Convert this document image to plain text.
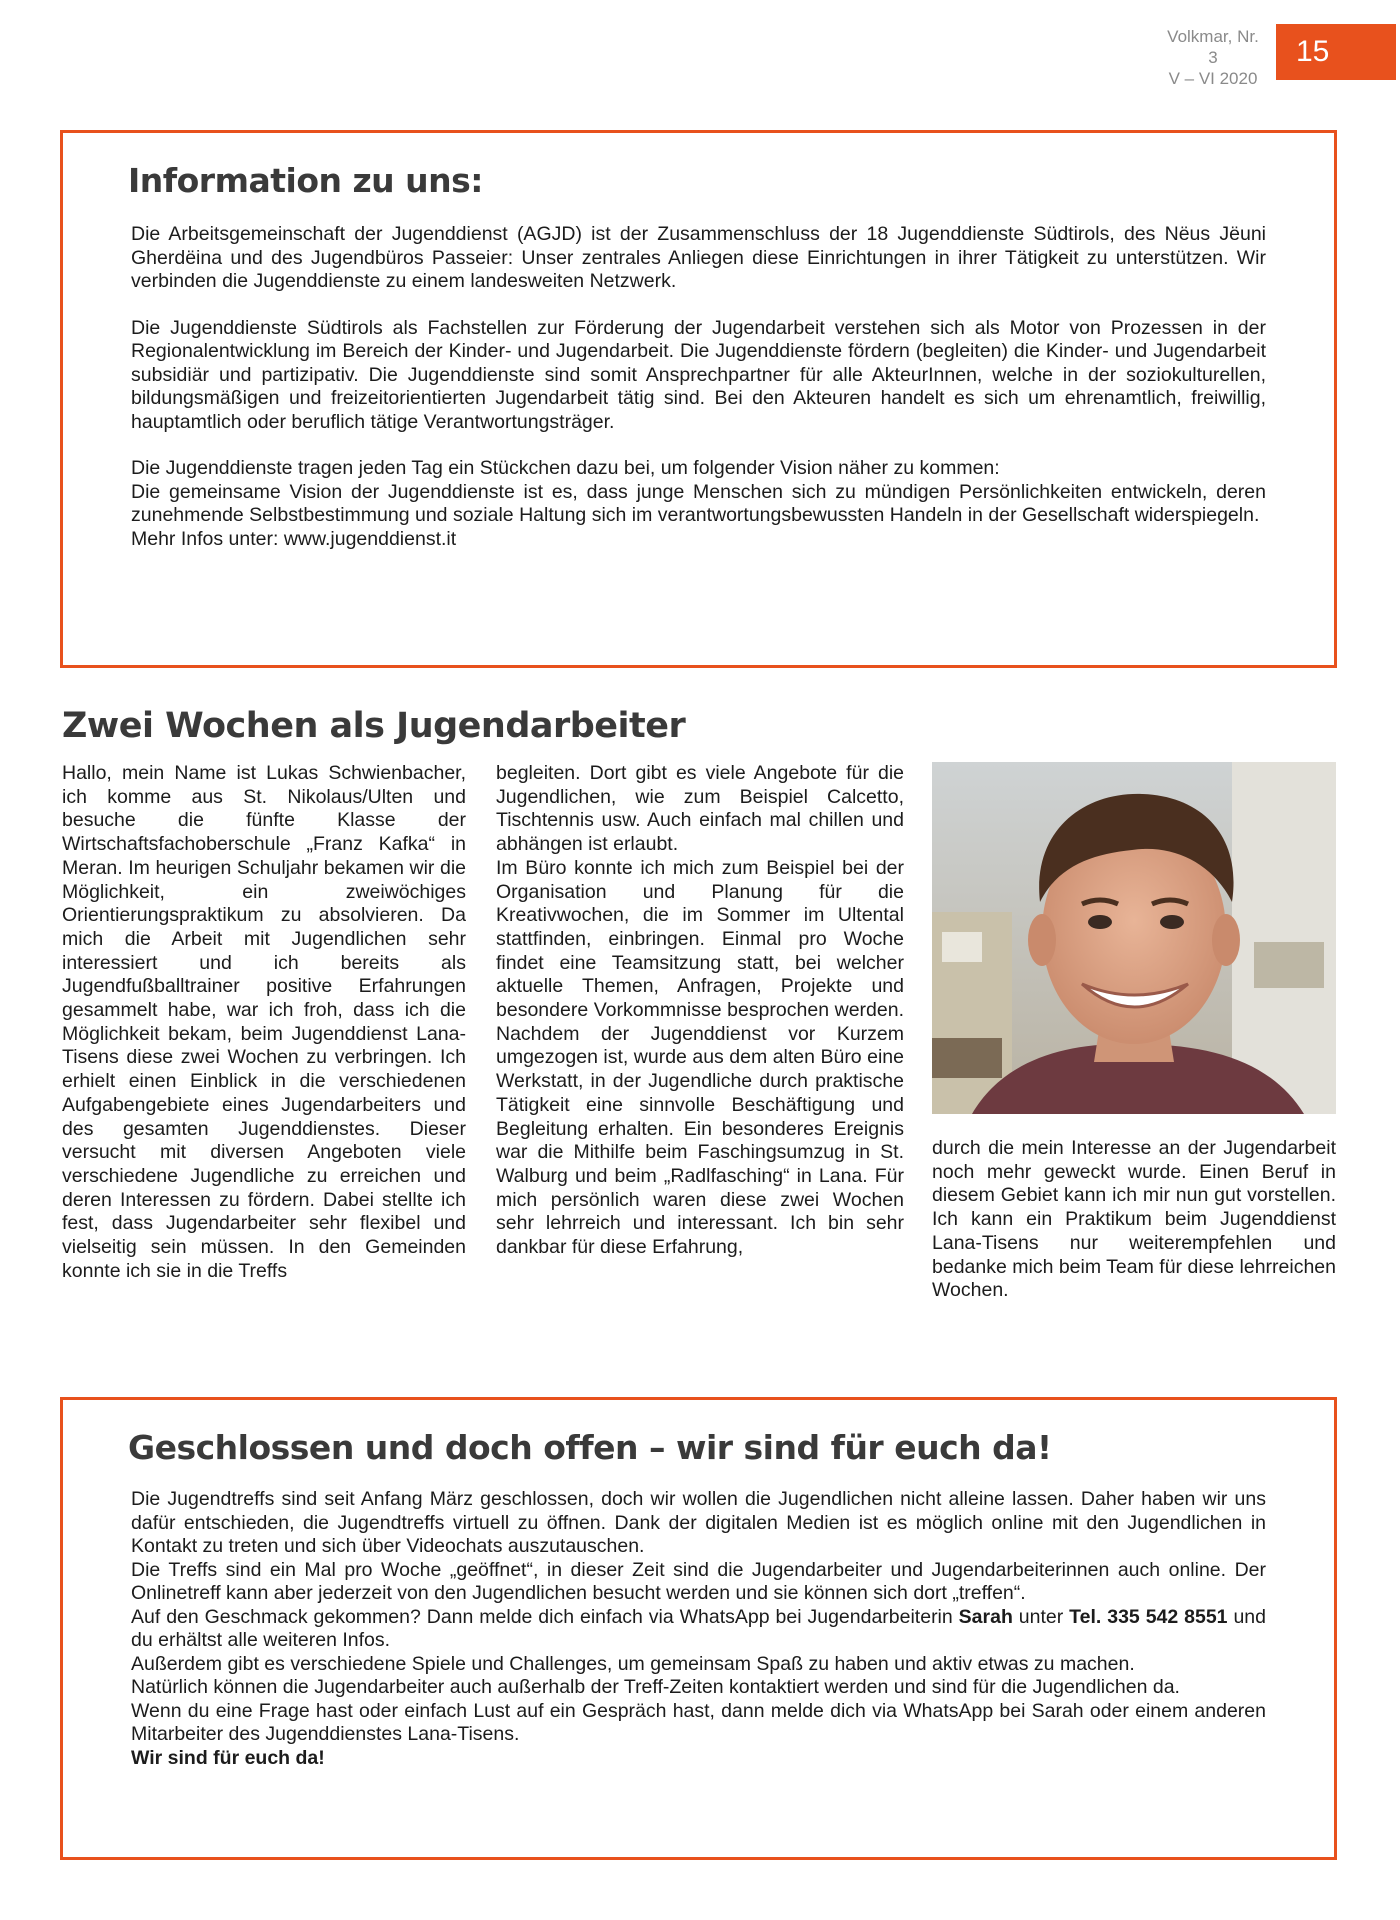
Volkmar, Nr. 3
V – VI 2020
15
Information zu uns:

Die Arbeitsgemeinschaft der Jugenddienst (AGJD) ist der Zusammenschluss der 18 Jugenddienste Südtirols, des Nëus Jëuni Gherdëina und des Jugendbüros Passeier: Unser zentrales Anliegen diese Einrichtungen in ihrer Tätigkeit zu unterstützen. Wir verbinden die Jugenddienste zu einem landesweiten Netzwerk.

Die Jugenddienste Südtirols als Fachstellen zur Förderung der Jugendarbeit verstehen sich als Motor von Prozessen in der Regionalentwicklung im Bereich der Kinder- und Jugendarbeit. Die Jugenddienste fördern (begleiten) die Kinder- und Jugendarbeit subsidiär und partizipativ. Die Jugenddienste sind somit Ansprechpartner für alle AkteurInnen, welche in der soziokulturellen, bildungsmäßigen und freizeitorientierten Jugendarbeit tätig sind. Bei den Akteuren handelt es sich um ehrenamtlich, freiwillig, hauptamtlich oder beruflich tätige Verantwortungsträger.

Die Jugenddienste tragen jeden Tag ein Stückchen dazu bei, um folgender Vision näher zu kommen:

Die gemeinsame Vision der Jugenddienste ist es, dass junge Menschen sich zu mündigen Persönlichkeiten entwickeln, deren zunehmende Selbstbestimmung und soziale Haltung sich im verantwortungsbewussten Handeln in der Gesellschaft widerspiegeln.

Mehr Infos unter: www.jugenddienst.it

Zwei Wochen als Jugendarbeiter

Hallo, mein Name ist Lukas Schwienbacher, ich komme aus St. Nikolaus/Ulten und besuche die fünfte Klasse der Wirtschaftsfachoberschule „Franz Kafka“ in Meran. Im heurigen Schuljahr bekamen wir die Möglichkeit, ein zweiwöchiges Orientierungspraktikum zu absolvieren. Da mich die Arbeit mit Jugendlichen sehr interessiert und ich bereits als Jugendfußballtrainer positive Erfahrungen gesammelt habe, war ich froh, dass ich die Möglichkeit bekam, beim Jugenddienst Lana-Tisens diese zwei Wochen zu verbringen. Ich erhielt einen Einblick in die verschiedenen Aufgabengebiete eines Jugendarbeiters und des gesamten Jugenddienstes. Dieser versucht mit diversen Angeboten viele verschiedene Jugendliche zu erreichen und deren Interessen zu fördern. Dabei stellte ich fest, dass Jugendarbeiter sehr flexibel und vielseitig sein müssen. In den Gemeinden konnte ich sie in die Treffs

begleiten. Dort gibt es viele Angebote für die Jugendlichen, wie zum Beispiel Calcetto, Tischtennis usw. Auch einfach mal chillen und abhängen ist erlaubt.

Im Büro konnte ich mich zum Beispiel bei der Organisation und Planung für die Kreativwochen, die im Sommer im Ultental stattfinden, einbringen. Einmal pro Woche findet eine Teamsitzung statt, bei welcher aktuelle Themen, Anfragen, Projekte und besondere Vorkommnisse besprochen werden. Nachdem der Jugenddienst vor Kurzem umgezogen ist, wurde aus dem alten Büro eine Werkstatt, in der Jugendliche durch praktische Tätigkeit eine sinnvolle Beschäftigung und Begleitung erhalten. Ein besonderes Ereignis war die Mithilfe beim Faschingsumzug in St. Walburg und beim „Radlfasching“ in Lana. Für mich persönlich waren diese zwei Wochen sehr lehrreich und interessant. Ich bin sehr dankbar für diese Erfahrung,

durch die mein Interesse an der Jugendarbeit noch mehr geweckt wurde. Einen Beruf in diesem Gebiet kann ich mir nun gut vorstellen. Ich kann ein Praktikum beim Jugenddienst Lana-Tisens nur weiterempfehlen und bedanke mich beim Team für diese lehrreichen Wochen.

Geschlossen und doch offen – wir sind für euch da!

Die Jugendtreffs sind seit Anfang März geschlossen, doch wir wollen die Jugendlichen nicht alleine lassen. Daher haben wir uns dafür entschieden, die Jugendtreffs virtuell zu öffnen. Dank der digitalen Medien ist es möglich online mit den Jugendlichen in Kontakt zu treten und sich über Videochats auszutauschen.

Die Treffs sind ein Mal pro Woche „geöffnet“, in dieser Zeit sind die Jugendarbeiter und Jugendarbeiterinnen auch online. Der Onlinetreff kann aber jederzeit von den Jugendlichen besucht werden und sie können sich dort „treffen“.

Auf den Geschmack gekommen? Dann melde dich einfach via WhatsApp bei Jugendarbeiterin Sarah unter Tel. 335 542 8551 und du erhältst alle weiteren Infos.

Außerdem gibt es verschiedene Spiele und Challenges, um gemeinsam Spaß zu haben und aktiv etwas zu machen.

Natürlich können die Jugendarbeiter auch außerhalb der Treff-Zeiten kontaktiert werden und sind für die Jugendlichen da.

Wenn du eine Frage hast oder einfach Lust auf ein Gespräch hast, dann melde dich via WhatsApp bei Sarah oder einem anderen Mitarbeiter des Jugenddienstes Lana-Tisens.

Wir sind für euch da!
